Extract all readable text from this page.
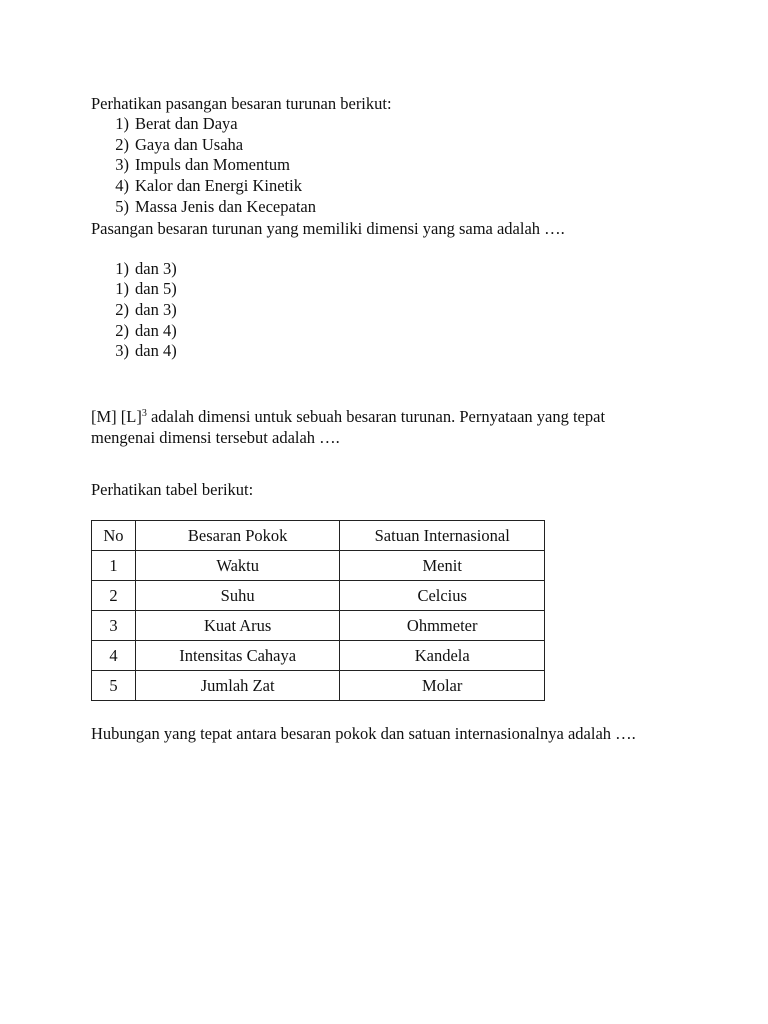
Perhatikan pasangan besaran turunan berikut:
1) Berat dan Daya
2) Gaya dan Usaha
3) Impuls dan Momentum
4) Kalor dan Energi Kinetik
5) Massa Jenis dan Kecepatan
Pasangan besaran turunan yang memiliki dimensi yang sama adalah ….
1) dan 3)
1) dan 5)
2) dan 3)
2) dan 4)
3) dan 4)
[M] $[L]^3$ adalah dimensi untuk sebuah besaran turunan. Pernyataan yang tepat
mengenai dimensi tersebut adalah ….
Perhatikan tabel berikut:
No	Besaran Pokok	Satuan Internasional
1	Waktu	Menit
2	Suhu	Celcius
3	Kuat Arus	Ohmmeter
4	Intensitas Cahaya	Kandela
5	Jumlah Zat	Molar
Hubungan yang tepat antara besaran pokok dan satuan internasionalnya adalah ….
